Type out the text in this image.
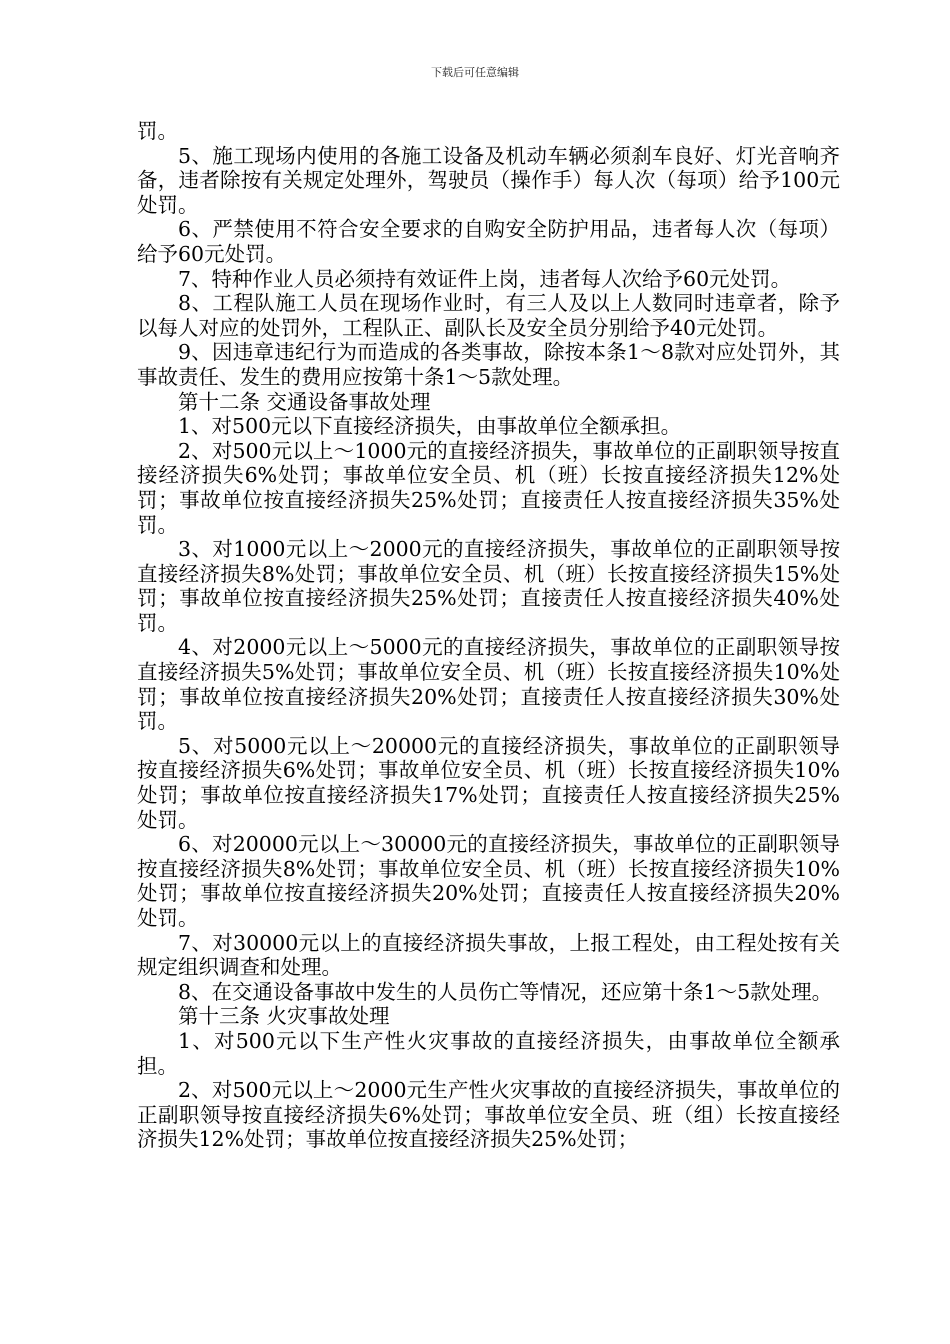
下载后可任意编辑

罚。

5、施工现场内使用的各施工设备及机动车辆必须刹车良好、灯光音响齐备，违者除按有关规定处理外，驾驶员（操作手）每人次（每项）给予100元处罚。

6、严禁使用不符合安全要求的自购安全防护用品，违者每人次（每项）给予60元处罚。

7、特种作业人员必须持有效证件上岗，违者每人次给予60元处罚。

8、工程队施工人员在现场作业时，有三人及以上人数同时违章者，除予以每人对应的处罚外，工程队正、副队长及安全员分别给予40元处罚。

9、因违章违纪行为而造成的各类事故，除按本条1～8款对应处罚外，其事故责任、发生的费用应按第十条1～5款处理。

第十二条 交通设备事故处理

1、对500元以下直接经济损失，由事故单位全额承担。

2、对500元以上～1000元的直接经济损失，事故单位的正副职领导按直接经济损失6%处罚；事故单位安全员、机（班）长按直接经济损失12%处罚；事故单位按直接经济损失25%处罚；直接责任人按直接经济损失35%处罚。

3、对1000元以上～2000元的直接经济损失，事故单位的正副职领导按直接经济损失8%处罚；事故单位安全员、机（班）长按直接经济损失15%处罚；事故单位按直接经济损失25%处罚；直接责任人按直接经济损失40%处罚。

4、对2000元以上～5000元的直接经济损失，事故单位的正副职领导按直接经济损失5%处罚；事故单位安全员、机（班）长按直接经济损失10%处罚；事故单位按直接经济损失20%处罚；直接责任人按直接经济损失30%处罚。

5、对5000元以上～20000元的直接经济损失，事故单位的正副职领导按直接经济损失6%处罚；事故单位安全员、机（班）长按直接经济损失10%处罚；事故单位按直接经济损失17%处罚；直接责任人按直接经济损失25%处罚。

6、对20000元以上～30000元的直接经济损失，事故单位的正副职领导按直接经济损失8%处罚；事故单位安全员、机（班）长按直接经济损失10%处罚；事故单位按直接经济损失20%处罚；直接责任人按直接经济损失20%处罚。

7、对30000元以上的直接经济损失事故，上报工程处，由工程处按有关规定组织调查和处理。

8、在交通设备事故中发生的人员伤亡等情况，还应第十条1～5款处理。

第十三条 火灾事故处理

1、对500元以下生产性火灾事故的直接经济损失，由事故单位全额承担。

2、对500元以上～2000元生产性火灾事故的直接经济损失，事故单位的正副职领导按直接经济损失6%处罚；事故单位安全员、班（组）长按直接经济损失12%处罚；事故单位按直接经济损失25%处罚；
